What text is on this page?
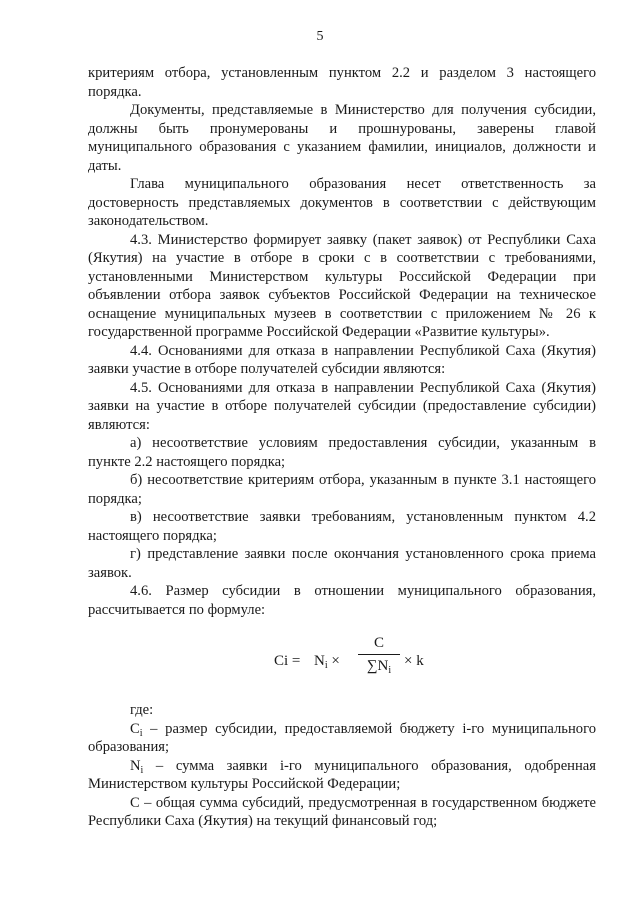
5

критериям отбора, установленным пунктом 2.2 и разделом 3 настоящего порядка.

Документы, представляемые в Министерство для получения субсидии, должны быть пронумерованы и прошнурованы, заверены главой муниципального образования с указанием фамилии, инициалов, должности и даты.

Глава муниципального образования несет ответственность за достоверность представляемых документов в соответствии с действующим законодательством.

4.3. Министерство формирует заявку (пакет заявок) от Республики Саха (Якутия) на участие в отборе в сроки с в соответствии с требованиями, установленными Министерством культуры Российской Федерации при объявлении отбора заявок субъектов Российской Федерации на техническое оснащение муниципальных музеев в соответствии с приложением № 26 к государственной программе Российской Федерации «Развитие культуры».

4.4. Основаниями для отказа в направлении Республикой Саха (Якутия) заявки участие в отборе получателей субсидии являются:

4.5. Основаниями для отказа в направлении Республикой Саха (Якутия) заявки на участие в отборе получателей субсидии (предоставление субсидии) являются:

а) несоответствие условиям предоставления субсидии, указанным в пункте 2.2 настоящего порядка;

б) несоответствие критериям отбора, указанным в пункте 3.1 настоящего порядка;

в) несоответствие заявки требованиям, установленным пунктом 4.2 настоящего порядка;

г) представление заявки после окончания установленного срока приема заявок.

4.6. Размер субсидии в отношении муниципального образования, рассчитывается по формуле:

$Ci = N_i$ ×
С
$\sum N_i$
× k

где:

$С_i$ – размер субсидии, предоставляемой бюджету i-го муниципального образования;

$N_i$ – сумма заявки i-го муниципального образования, одобренная Министерством культуры Российской Федерации;

С – общая сумма субсидий, предусмотренная в государственном бюджете Республики Саха (Якутия) на текущий финансовый год;
